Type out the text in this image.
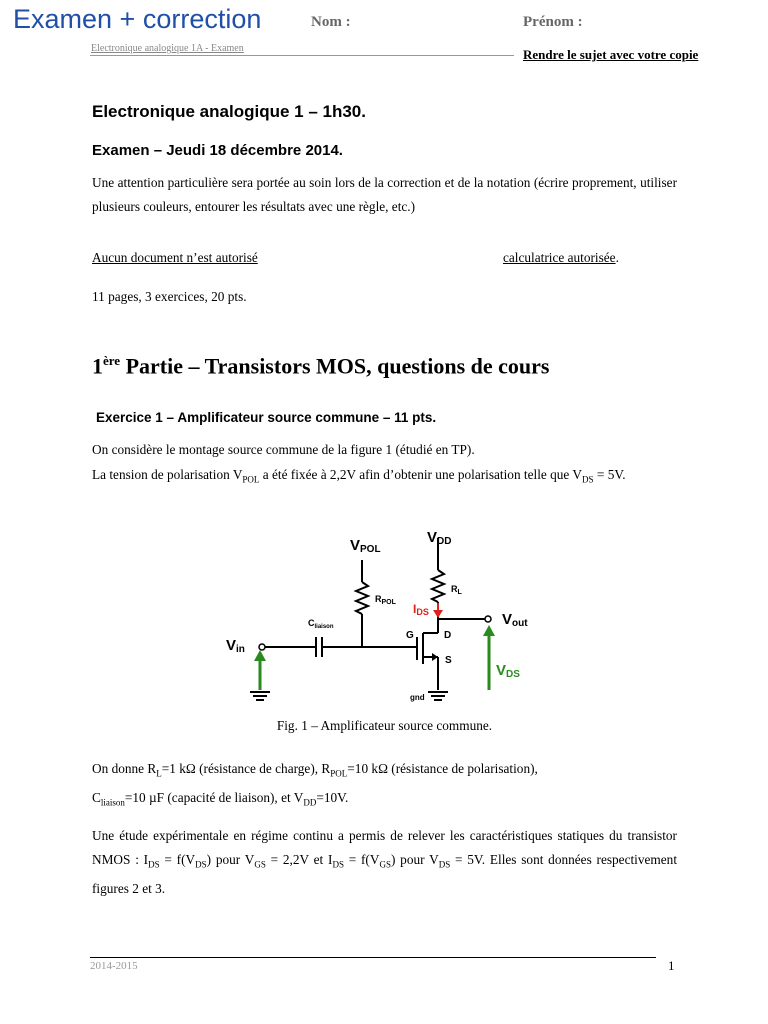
Examen + correction	Nom :	Prénom :
Electronique analogique 1A - Examen	Rendre le sujet avec votre copie
Electronique analogique 1 – 1h30.
Examen – Jeudi 18 décembre 2014.
Une attention particulière sera portée au soin lors de la correction et de la notation (écrire proprement, utiliser plusieurs couleurs, entourer les résultats avec une règle, etc.)
Aucun document n’est autorisé	calculatrice autorisée.
11 pages, 3 exercices, 20 pts.
1ère Partie – Transistors MOS, questions de cours
Exercice 1 – Amplificateur source commune – 11 pts.
On considère le montage source commune de la figure 1 (étudié en TP).
La tension de polarisation $V_{POL}$ a été fixée à 2,2V afin d’obtenir une polarisation telle que $V_{DS} = 5V$.
VPOL
VDD
$R_{POL}$
$R_L$
IDS
$C_{liaison}$
Vin
Vout
VDS
G	D
S
gnd
Fig. 1 – Amplificateur source commune.
On donne $R_L=1$ kΩ (résistance de charge), $R_{POL}=10$ kΩ (résistance de polarisation),
$C_{liaison}=10$ µF (capacité de liaison), et $V_{DD}=10V$.
Une étude expérimentale en régime continu a permis de relever les caractéristiques statiques du transistor NMOS : $I_{DS} = f(V_{DS})$ pour $V_{GS} = 2,2V$ et $I_{DS} = f(V_{GS})$ pour $V_{DS} = 5V$. Elles sont données respectivement figures 2 et 3.
2014-2015	1
